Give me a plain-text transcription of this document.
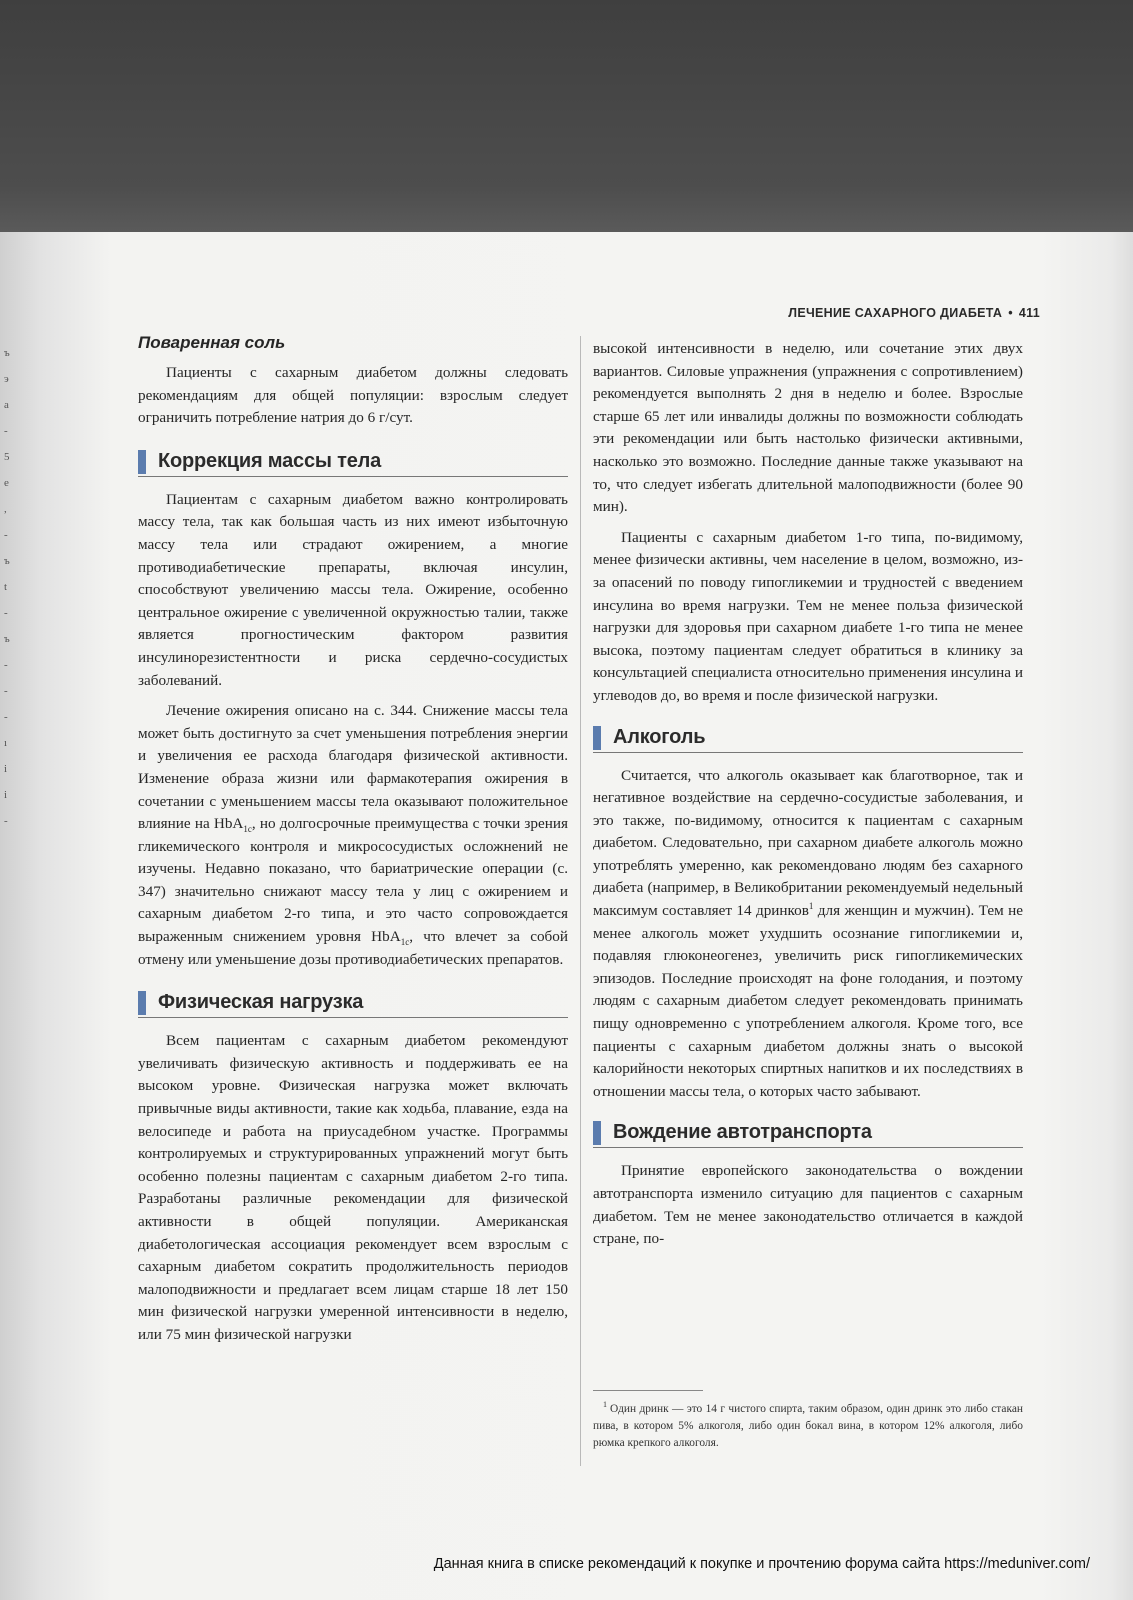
ъ
э
а
-
5
е
,
-
ъ
t
-
ъ
-
-
-
ı
і
і
-
ЛЕЧЕНИЕ САХАРНОГО ДИАБЕТА • 411
Поваренная соль

Пациенты с сахарным диабетом должны следовать рекомендациям для общей популяции: взрослым следует ограничить потребление натрия до 6 г/сут.

Коррекция массы тела

Пациентам с сахарным диабетом важно контролировать массу тела, так как большая часть из них имеют избыточную массу тела или страдают ожирением, а многие противодиабетические препараты, включая инсулин, способствуют увеличению массы тела. Ожирение, особенно центральное ожирение с увеличенной окружностью талии, также является прогностическим фактором развития инсулинорезистентности и риска сердечно-сосудистых заболеваний.

Лечение ожирения описано на с. 344. Снижение массы тела может быть достигнуто за счет уменьшения потребления энергии и увеличения ее расхода благодаря физической активности. Изменение образа жизни или фармакотерапия ожирения в сочетании с уменьшением массы тела оказывают положительное влияние на HbA$_{1c}$, но долгосрочные преимущества с точки зрения гликемического контроля и микрососудистых осложнений не изучены. Недавно показано, что бариатрические операции (с. 347) значительно снижают массу тела у лиц с ожирением и сахарным диабетом 2-го типа, и это часто сопровождается выраженным снижением уровня HbA$_{1c}$, что влечет за собой отмену или уменьшение дозы противодиабетических препаратов.

Физическая нагрузка

Всем пациентам с сахарным диабетом рекомендуют увеличивать физическую активность и поддерживать ее на высоком уровне. Физическая нагрузка может включать привычные виды активности, такие как ходьба, плавание, езда на велосипеде и работа на приусадебном участке. Программы контролируемых и структурированных упражнений могут быть особенно полезны пациентам с сахарным диабетом 2-го типа. Разработаны различные рекомендации для физической активности в общей популяции. Американская диабетологическая ассоциация рекомендует всем взрослым с сахарным диабетом сократить продолжительность периодов малоподвижности и предлагает всем лицам старше 18 лет 150 мин физической нагрузки умеренной интенсивности в неделю, или 75 мин физической нагрузки

высокой интенсивности в неделю, или сочетание этих двух вариантов. Силовые упражнения (упражнения с сопротивлением) рекомендуется выполнять 2 дня в неделю и более. Взрослые старше 65 лет или инвалиды должны по возможности соблюдать эти рекомендации или быть настолько физически активными, насколько это возможно. Последние данные также указывают на то, что следует избегать длительной малоподвижности (более 90 мин).

Пациенты с сахарным диабетом 1-го типа, по-видимому, менее физически активны, чем население в целом, возможно, из-за опасений по поводу гипогликемии и трудностей с введением инсулина во время нагрузки. Тем не менее польза физической нагрузки для здоровья при сахарном диабете 1-го типа не менее высока, поэтому пациентам следует обратиться в клинику за консультацией специалиста относительно применения инсулина и углеводов до, во время и после физической нагрузки.

Алкоголь

Считается, что алкоголь оказывает как благотворное, так и негативное воздействие на сердечно-сосудистые заболевания, и это также, по-видимому, относится к пациентам с сахарным диабетом. Следовательно, при сахарном диабете алкоголь можно употреблять умеренно, как рекомендовано людям без сахарного диабета (например, в Великобритании рекомендуемый недельный максимум составляет 14 дринков$^1$ для женщин и мужчин). Тем не менее алкоголь может ухудшить осознание гипогликемии и, подавляя глюконеогенез, увеличить риск гипогликемических эпизодов. Последние происходят на фоне голодания, и поэтому людям с сахарным диабетом следует рекомендовать принимать пищу одновременно с употреблением алкоголя. Кроме того, все пациенты с сахарным диабетом должны знать о высокой калорийности некоторых спиртных напитков и их последствиях в отношении массы тела, о которых часто забывают.

Вождение автотранспорта

Принятие европейского законодательства о вождении автотранспорта изменило ситуацию для пациентов с сахарным диабетом. Тем не менее законодательство отличается в каждой стране, по-

$^1$ Один дринк — это 14 г чистого спирта, таким образом, один дринк это либо стакан пива, в котором 5% алкоголя, либо один бокал вина, в котором 12% алкоголя, либо рюмка крепкого алкоголя.
Данная книга в списке рекомендаций к покупке и прочтению форума сайта https://meduniver.com/
